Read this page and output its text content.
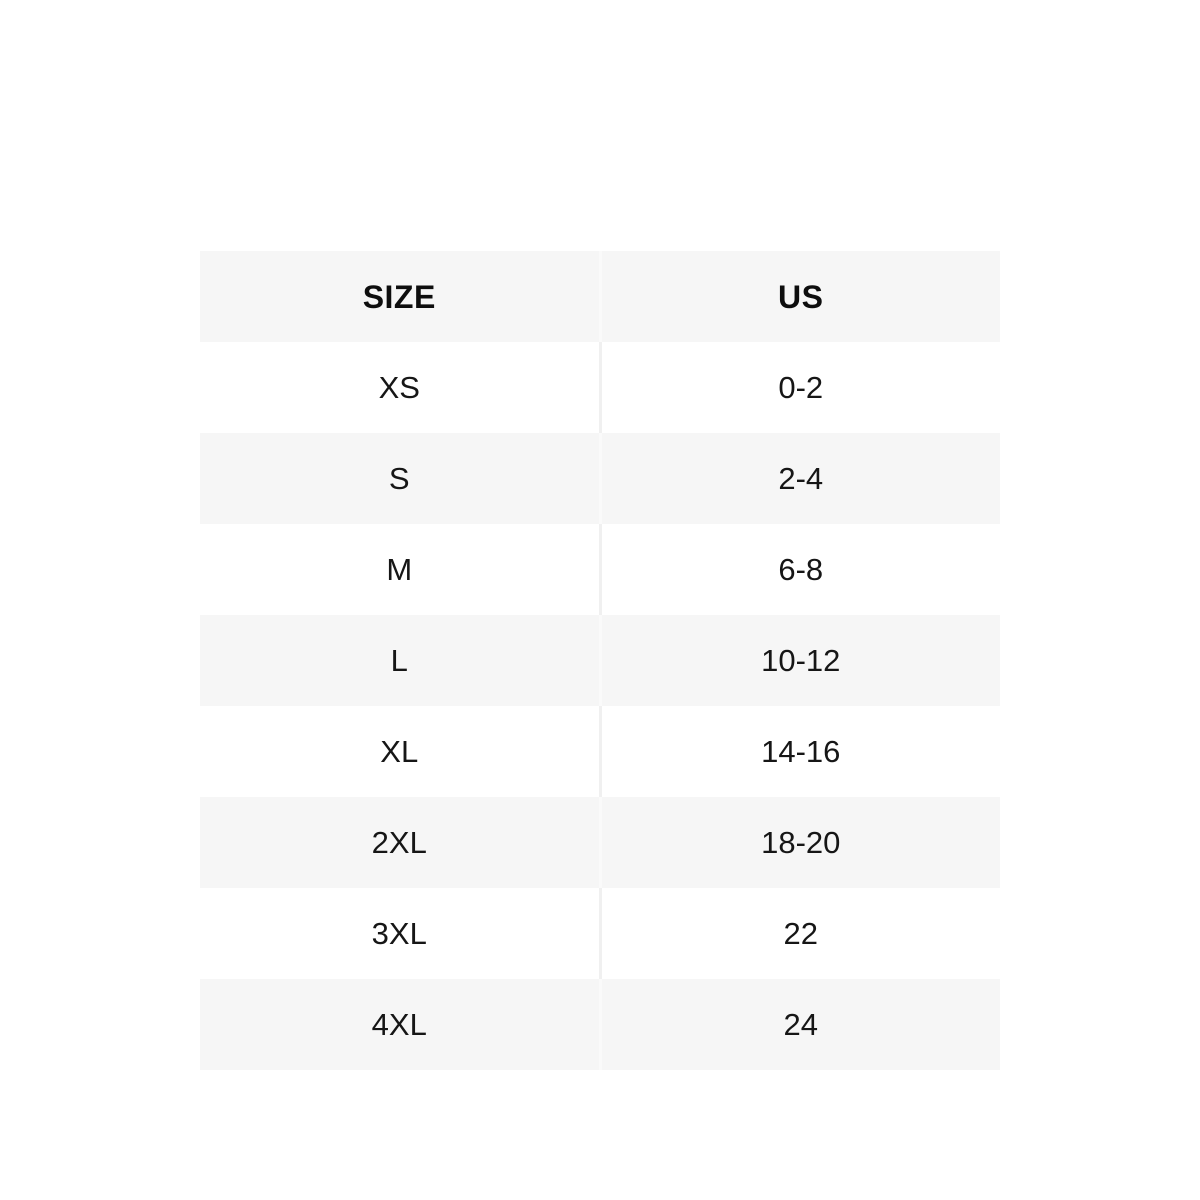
SIZE	US
XS	0-2
S	2-4
M	6-8
L	10-12
XL	14-16
2XL	18-20
3XL	22
4XL	24
